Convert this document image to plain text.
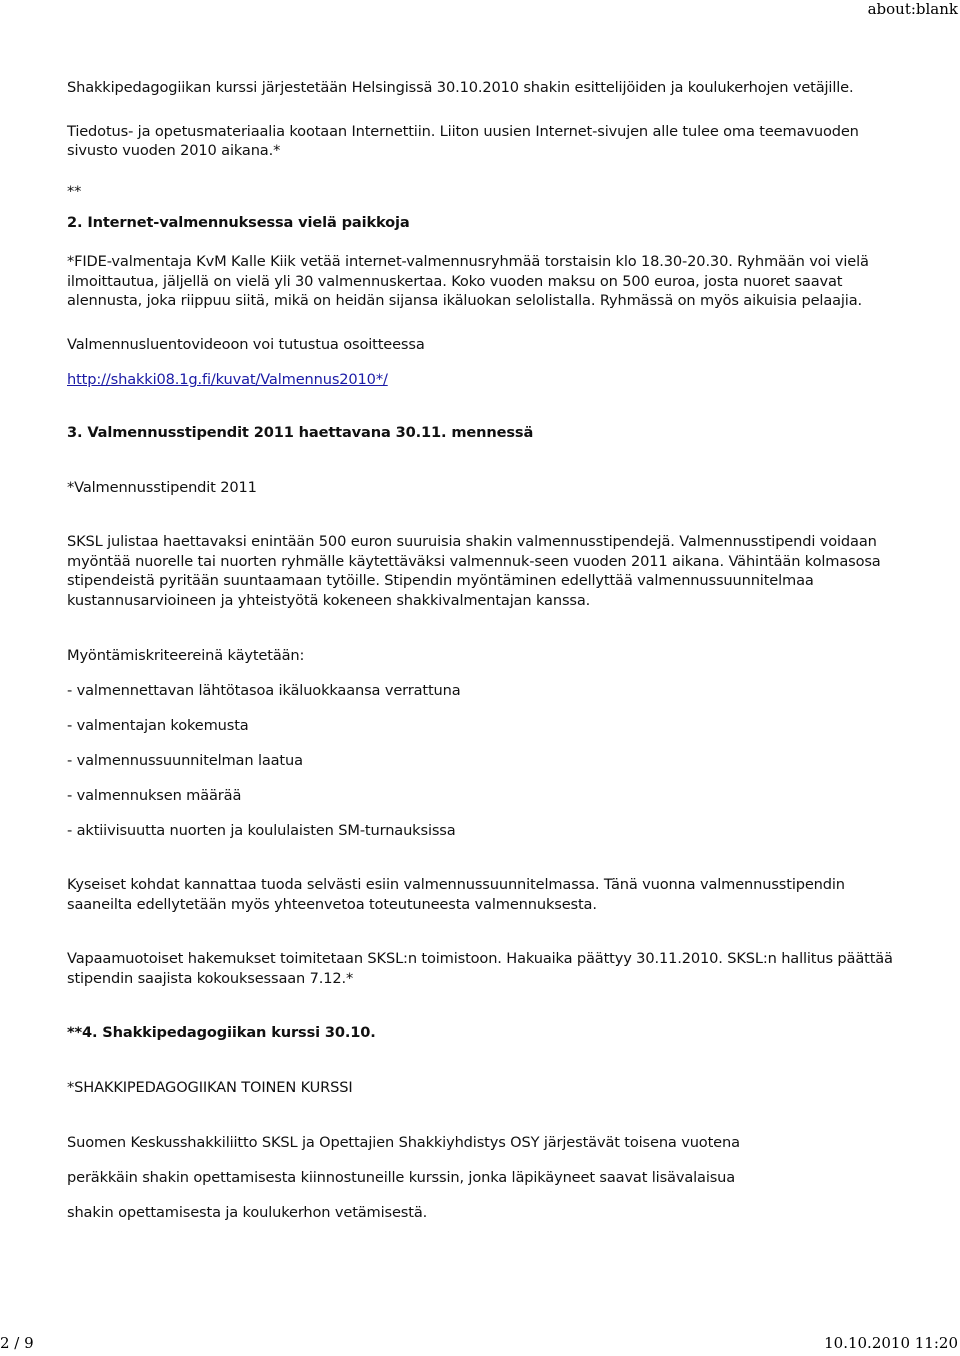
about:blank

Shakkipedagogiikan kurssi järjestetään Helsingissä 30.10.2010 shakin esittelijöiden ja koulukerhojen vetäjille.

Tiedotus- ja opetusmateriaalia kootaan Internettiin. Liiton uusien Internet-sivujen alle tulee oma teemavuoden sivusto vuoden 2010 aikana.*

**

2. Internet-valmennuksessa vielä paikkoja

*FIDE-valmentaja KvM Kalle Kiik vetää internet-valmennusryhmää torstaisin klo 18.30-20.30. Ryhmään voi vielä ilmoittautua, jäljellä on vielä yli 30 valmennuskertaa. Koko vuoden maksu on 500 euroa, josta nuoret saavat alennusta, joka riippuu siitä, mikä on heidän sijansa ikäluokan selolistalla. Ryhmässä on myös aikuisia pelaajia.

Valmennusluentovideoon voi tutustua osoitteessa

http://shakki08.1g.fi/kuvat/Valmennus2010*/

3. Valmennusstipendit 2011 haettavana 30.11. mennessä

*Valmennusstipendit 2011

SKSL julistaa haettavaksi enintään 500 euron suuruisia shakin valmennusstipendejä. Valmennusstipendi voidaan myöntää nuorelle tai nuorten ryhmälle käytettäväksi valmennuk-seen vuoden 2011 aikana. Vähintään kolmasosa stipendeistä pyritään suuntaamaan tytöille. Stipendin myöntäminen edellyttää valmennussuunnitelmaa kustannusarvioineen ja yhteistyötä kokeneen shakkivalmentajan kanssa.

Myöntämiskriteereinä käytetään:

- valmennettavan lähtötasoa ikäluokkaansa verrattuna

- valmentajan kokemusta

- valmennussuunnitelman laatua

- valmennuksen määrää

- aktiivisuutta nuorten ja koululaisten SM-turnauksissa

Kyseiset kohdat kannattaa tuoda selvästi esiin valmennussuunnitelmassa. Tänä vuonna valmennusstipendin saaneilta edellytetään myös yhteenvetoa toteutuneesta valmennuksesta.

Vapaamuotoiset hakemukset toimitetaan SKSL:n toimistoon. Hakuaika päättyy 30.11.2010. SKSL:n hallitus päättää stipendin saajista kokouksessaan 7.12.*

**4. Shakkipedagogiikan kurssi 30.10.

*SHAKKIPEDAGOGIIKAN TOINEN KURSSI

Suomen Keskusshakkiliitto SKSL ja Opettajien Shakkiyhdistys OSY järjestävät toisena vuotena

peräkkäin shakin opettamisesta kiinnostuneille kurssin, jonka läpikäyneet saavat lisävalaisua

shakin opettamisesta ja koulukerhon vetämisestä.

2 / 9	10.10.2010 11:20
